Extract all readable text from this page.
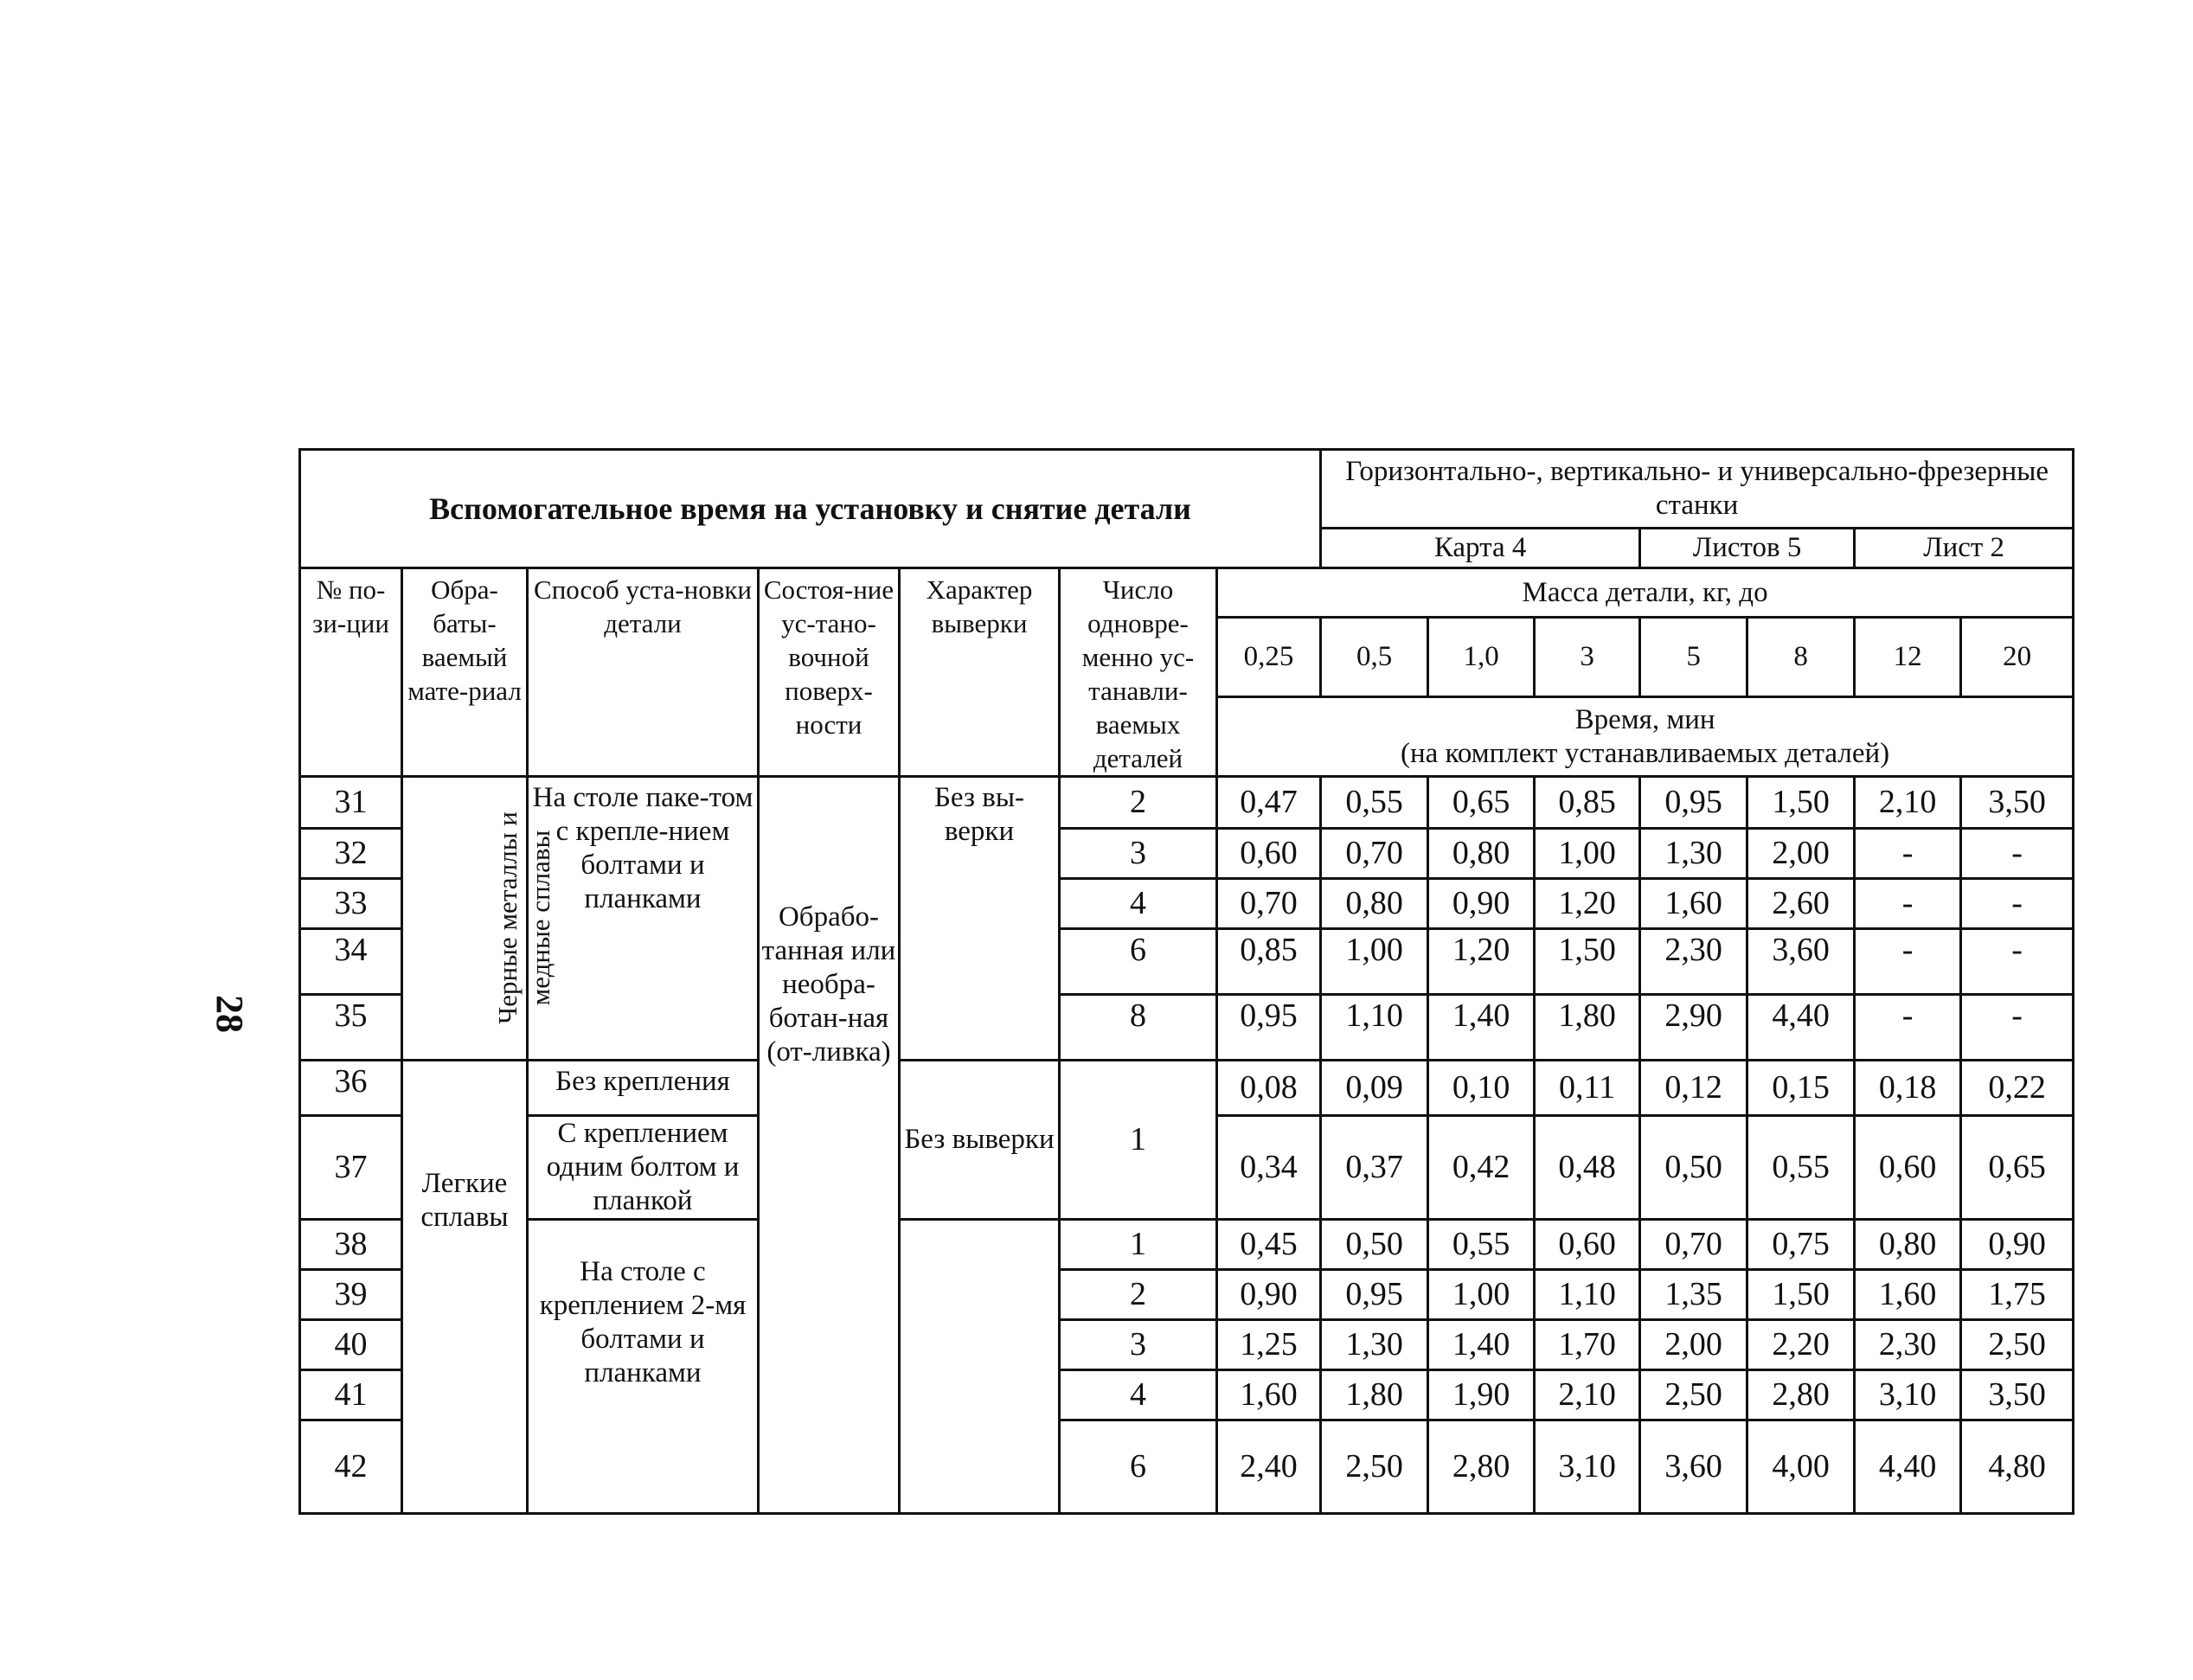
28
Вспомогательное время на установку и снятие детали							Горизонтально-, вертикально- и универсально-фрезерные станки						
							Карта 4			Листов 5		Лист 2	
№ по-зи-ции	Обра-баты-ваемый мате-риал	Способ уста-новки детали	Состоя-ние ус-тано-вочной поверх-ности	Характер выверки	Число одновре-менно ус-танавли-ваемых деталей	Масса детали, кг, до							
						0,25	0,5	1,0	3	5	8	12	20

						Время, мин
(на комплект устанавливаемых деталей)							

31	Черные металлы и медные сплавы	На столе паке-том с крепле-нием болтами и планками	Обрабо-танная или необра-ботан-ная (от-ливка)	Без вы-верки	2	0,47	0,55	0,65	0,85	0,95	1,50	2,10	3,50
32					3	0,60	0,70	0,80	1,00	1,30	2,00	-	-
33					4	0,70	0,80	0,90	1,20	1,60	2,60	-	-
34					6	0,85	1,00	1,20	1,50	2,30	3,60	-	-
35					8	0,95	1,10	1,40	1,80	2,90	4,40	-	-
36	Легкие сплавы	Без крепления		Без выверки	1	0,08	0,09	0,10	0,11	0,12	0,15	0,18	0,22
37		С креплением одним болтом и планкой				0,34	0,37	0,42	0,48	0,50	0,55	0,60	0,65
38		На столе с креплением 2-мя болтами и планками			1	0,45	0,50	0,55	0,60	0,70	0,75	0,80	0,90
39					2	0,90	0,95	1,00	1,10	1,35	1,50	1,60	1,75
40					3	1,25	1,30	1,40	1,70	2,00	2,20	2,30	2,50
41					4	1,60	1,80	1,90	2,10	2,50	2,80	3,10	3,50
42					6	2,40	2,50	2,80	3,10	3,60	4,00	4,40	4,80
